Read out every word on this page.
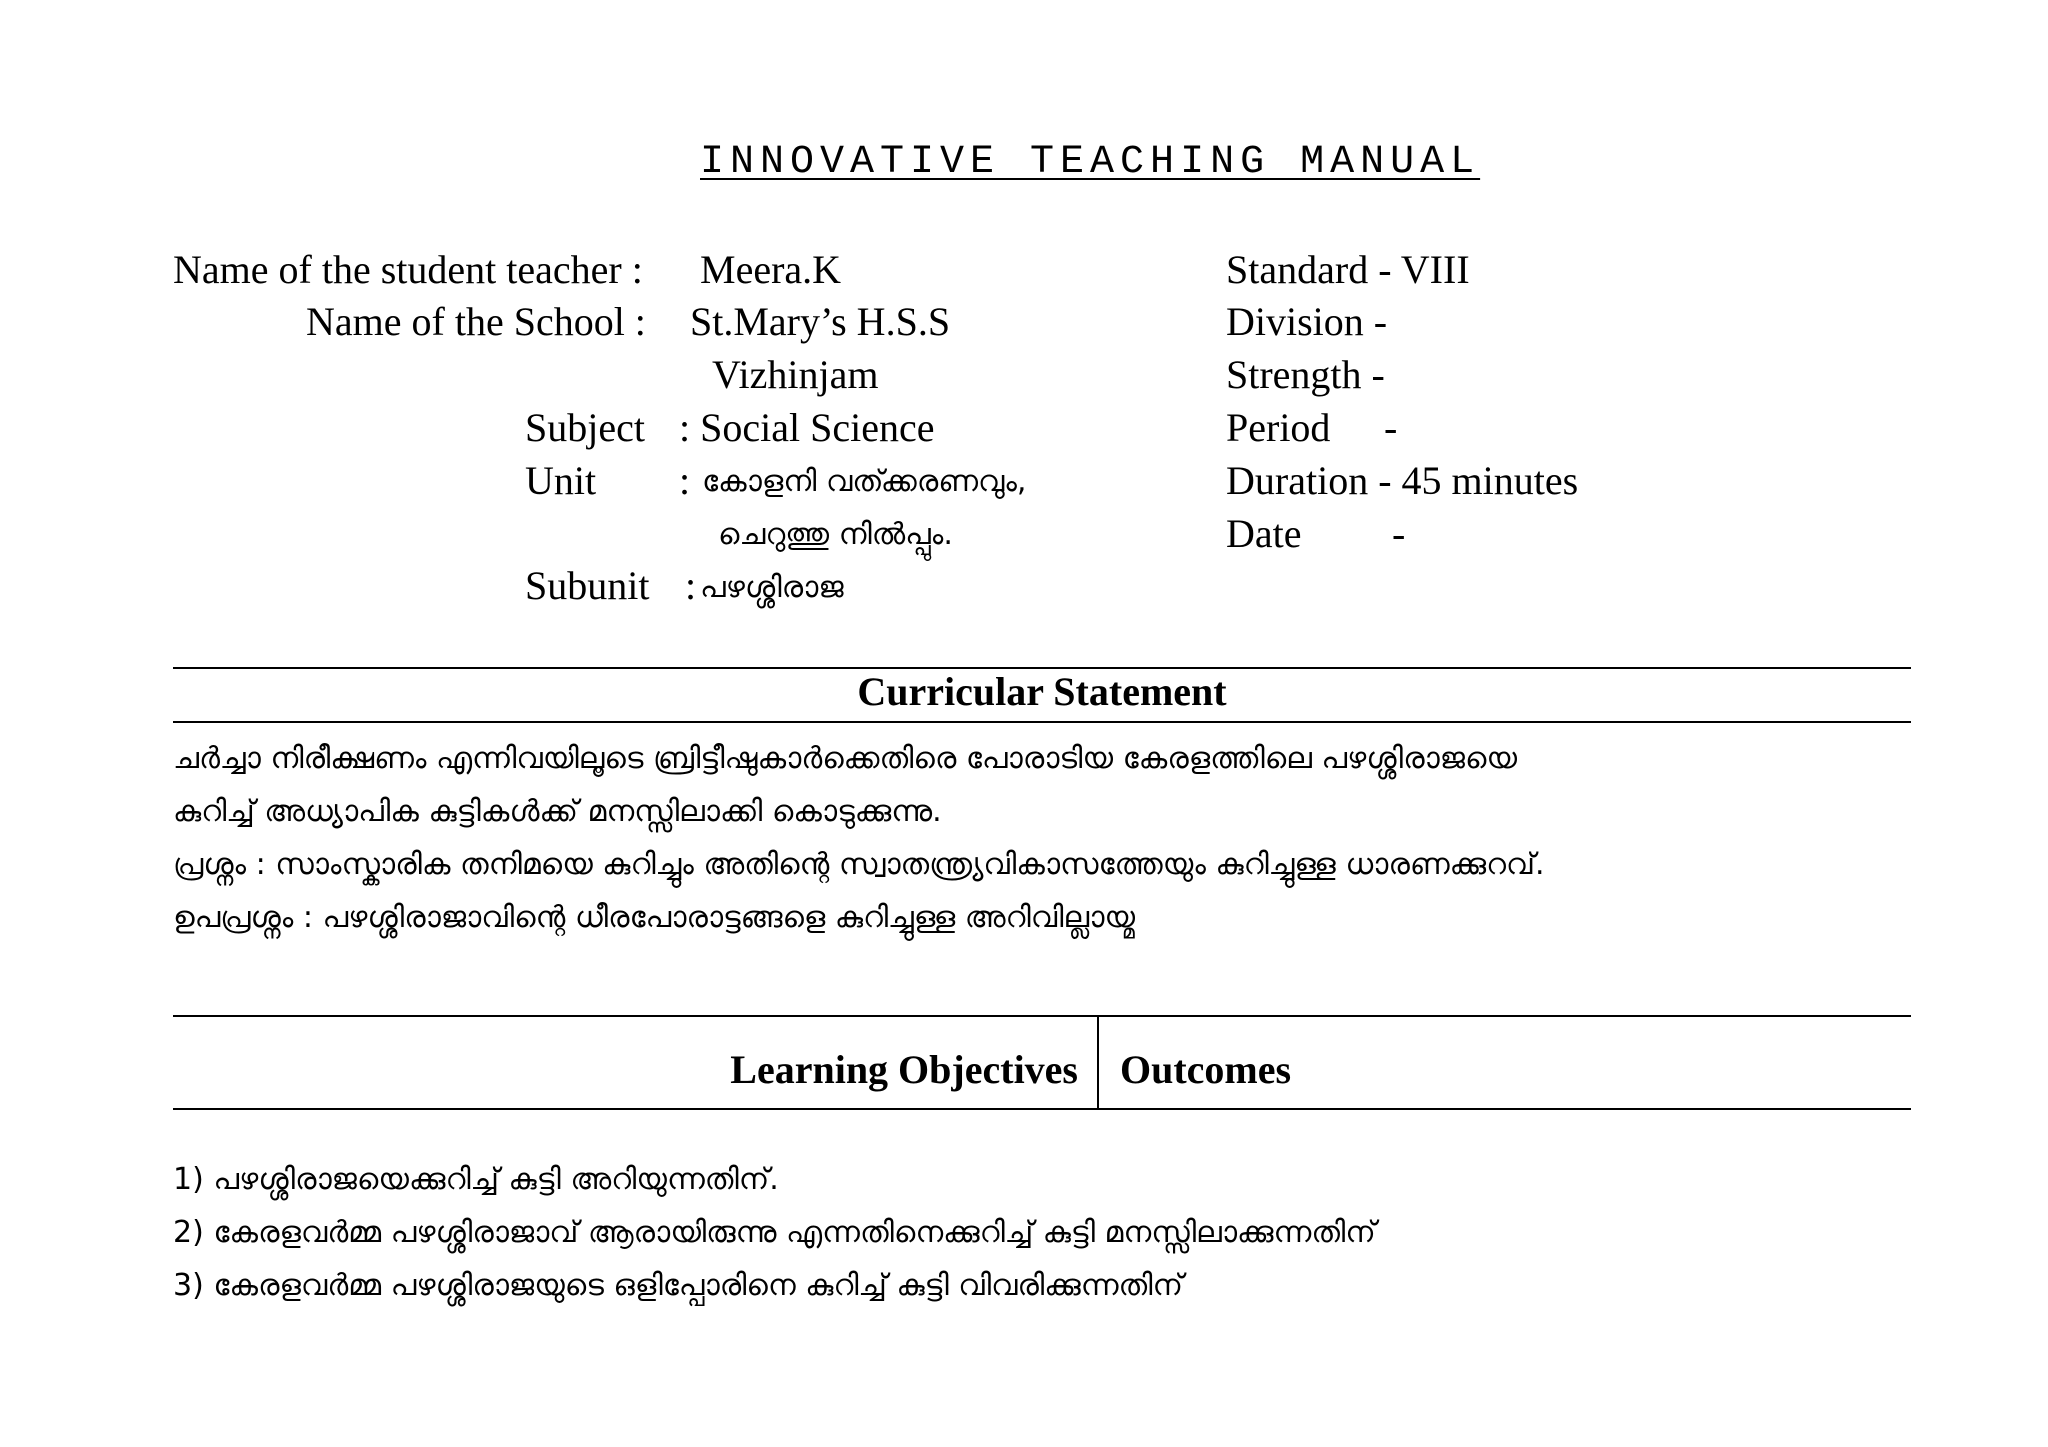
INNOVATIVE TEACHING MANUAL
Name of the student teacher : Meera.K
Name of the School : St.Mary’s H.S.S
Vizhinjam
Subject : Social Science
Unit : കോളനി വത്ക്കരണവും,
ചെറുത്തു നിൽപ്പും.
Subunit : പഴശ്ശിരാജ
Standard - VIII
Division -
Strength -
Period -
Duration - 45 minutes
Date -
Curricular Statement
ചർച്ചാ നിരീക്ഷണം എന്നിവയിലൂടെ ബ്രിട്ടീഷുകാർക്കെതിരെ പോരാടിയ കേരളത്തിലെ പഴശ്ശിരാജയെ
കുറിച്ച് അധ്യാപിക കുട്ടികൾക്ക് മനസ്സിലാക്കി കൊടുക്കുന്നു.
പ്രശ്നം : സാംസ്കാരിക തനിമയെ കുറിച്ചും അതിന്റെ സ്വാതന്ത്ര്യവികാസത്തേയും കുറിച്ചുള്ള ധാരണക്കുറവ്.
ഉപപ്രശ്നം : പഴശ്ശിരാജാവിന്റെ ധീരപോരാട്ടങ്ങളെ കുറിച്ചുള്ള അറിവില്ലായ്മ
Learning Objectives Outcomes
1) പഴശ്ശിരാജയെക്കുറിച്ച് കുട്ടി അറിയുന്നതിന്.
2) കേരളവർമ്മ പഴശ്ശിരാജാവ് ആരായിരുന്നു എന്നതിനെക്കുറിച്ച് കുട്ടി മനസ്സിലാക്കുന്നതിന്
3) കേരളവർമ്മ പഴശ്ശിരാജയുടെ ഒളിപ്പോരിനെ കുറിച്ച് കുട്ടി വിവരിക്കുന്നതിന്
